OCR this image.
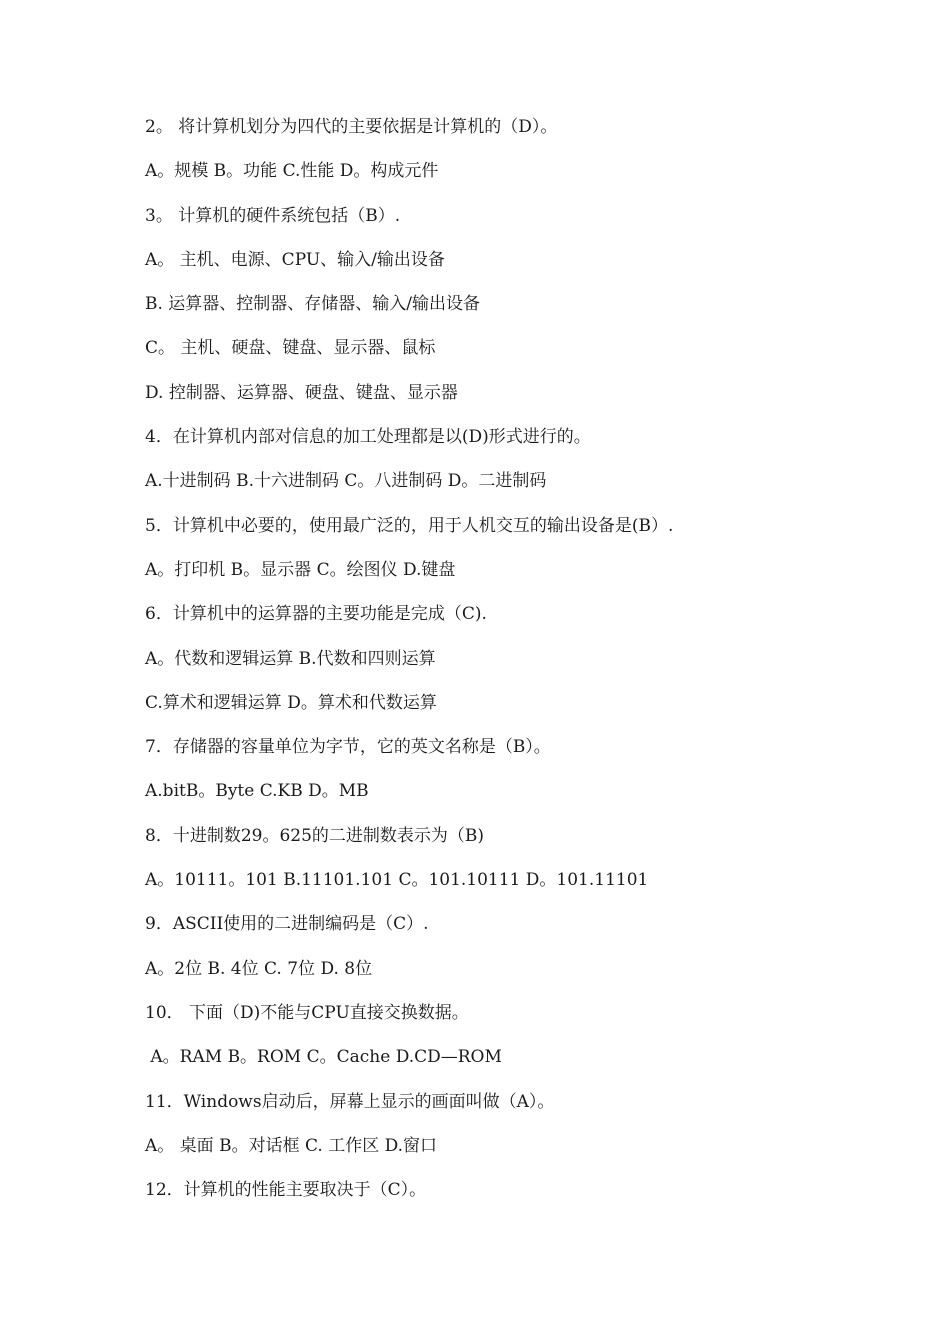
2。 将计算机划分为四代的主要依据是计算机的（D）。
A。规模 B。功能 C.性能 D。构成元件
3。 计算机的硬件系统包括（B）.
A。 主机、电源、CPU、输入/输出设备
B. 运算器、控制器、存储器、输入/输出设备
C。 主机、硬盘、键盘、显示器、鼠标
D. 控制器、运算器、硬盘、键盘、显示器
4．在计算机内部对信息的加工处理都是以(D)形式进行的。
A.十进制码 B.十六进制码 C。八进制码 D。二进制码
5．计算机中必要的，使用最广泛的，用于人机交互的输出设备是(B）.
A。打印机 B。显示器 C。绘图仪 D.键盘
6．计算机中的运算器的主要功能是完成（C).
A。代数和逻辑运算 B.代数和四则运算
C.算术和逻辑运算 D。算术和代数运算
7．存储器的容量单位为字节，它的英文名称是（B）。
A.bitB。Byte C.KB D。MB
8．十进制数29。625的二进制数表示为（B)
A。10111。101 B.11101.101 C。101.10111 D。101.11101
9．ASCII使用的二进制编码是（C）.
A。2位 B. 4位 C. 7位 D. 8位
10． 下面（D)不能与CPU直接交换数据。
A。RAM B。ROM C。Cache D.CD—ROM
11．Windows启动后，屏幕上显示的画面叫做（A）。
A。 桌面 B。对话框 C. 工作区 D.窗口
12．计算机的性能主要取决于（C）。
